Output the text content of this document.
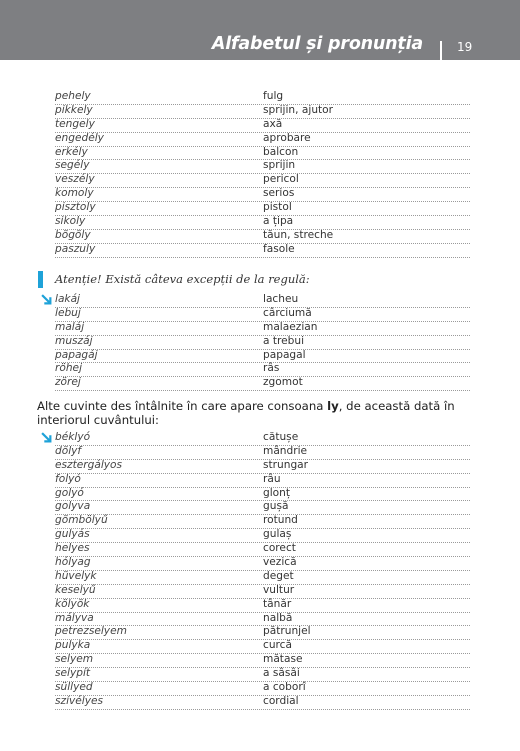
Alfabetul și pronunția	19
pehely	fulg
pikkely	sprijin, ajutor
tengely	axă
engedély	aprobare
erkély	balcon
segély	sprijin
veszély	pericol
komoly	serios
pisztoly	pistol
sikoly	a țipa
bögöly	tăun, streche
paszuly	fasole
Atenție! Există câteva excepții de la regulă:
lakáj	lacheu
lebuj	cârciumă
maláj	malaezian
muszáj	a trebui
papagáj	papagal
röhej	râs
zörej	zgomot
Alte cuvinte des întâlnite în care apare consoana ly, de această dată în interiorul cuvântului:
béklyó	cătușe
dölyf	mândrie
esztergályos	strungar
folyó	râu
golyó	glonț
golyva	gușă
gömbölyű	rotund
gulyás	gulaș
helyes	corect
hólyag	vezică
hüvelyk	deget
keselyű	vultur
kölyök	tânăr
mályva	nalbă
petrezselyem	pătrunjel
pulyka	curcă
selyem	mătase
selypít	a sâsâi
süllyed	a coborî
szívélyes	cordial
